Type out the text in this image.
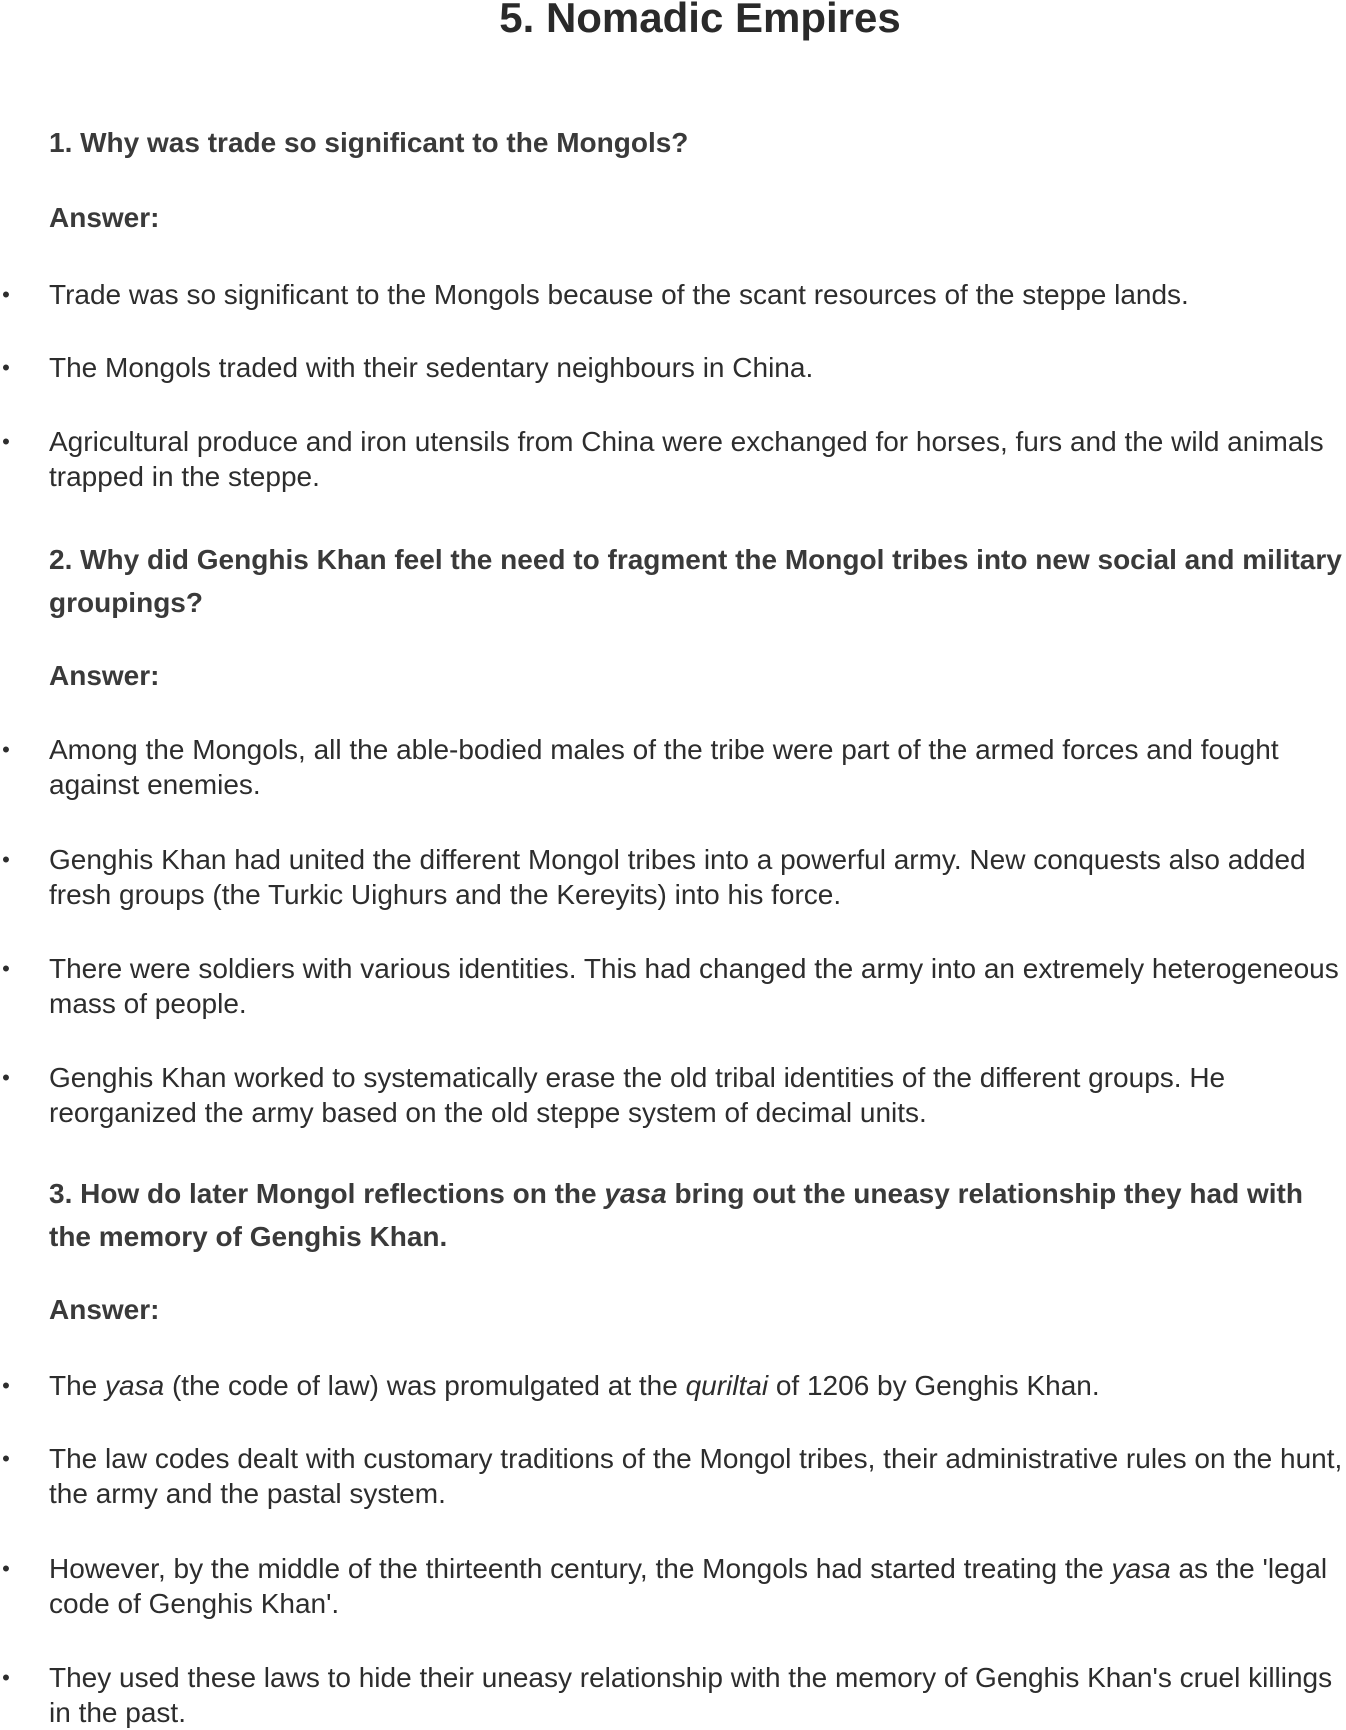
5. Nomadic Empires

1. Why was trade so significant to the Mongols?

Answer:

• Trade was so significant to the Mongols because of the scant resources of the steppe lands.

• The Mongols traded with their sedentary neighbours in China.

• Agricultural produce and iron utensils from China were exchanged for horses, furs and the wild animals trapped in the steppe.

2. Why did Genghis Khan feel the need to fragment the Mongol tribes into new social and military groupings?

Answer:

• Among the Mongols, all the able-bodied males of the tribe were part of the armed forces and fought against enemies.

• Genghis Khan had united the different Mongol tribes into a powerful army. New conquests also added fresh groups (the Turkic Uighurs and the Kereyits) into his force.

• There were soldiers with various identities. This had changed the army into an extremely heterogeneous mass of people.

• Genghis Khan worked to systematically erase the old tribal identities of the different groups. He reorganized the army based on the old steppe system of decimal units.

3. How do later Mongol reflections on the yasa bring out the uneasy relationship they had with the memory of Genghis Khan.

Answer:

• The yasa (the code of law) was promulgated at the quriltai of 1206 by Genghis Khan.

• The law codes dealt with customary traditions of the Mongol tribes, their administrative rules on the hunt, the army and the pastal system.

• However, by the middle of the thirteenth century, the Mongols had started treating the yasa as the 'legal code of Genghis Khan'.

• They used these laws to hide their uneasy relationship with the memory of Genghis Khan's cruel killings in the past.
